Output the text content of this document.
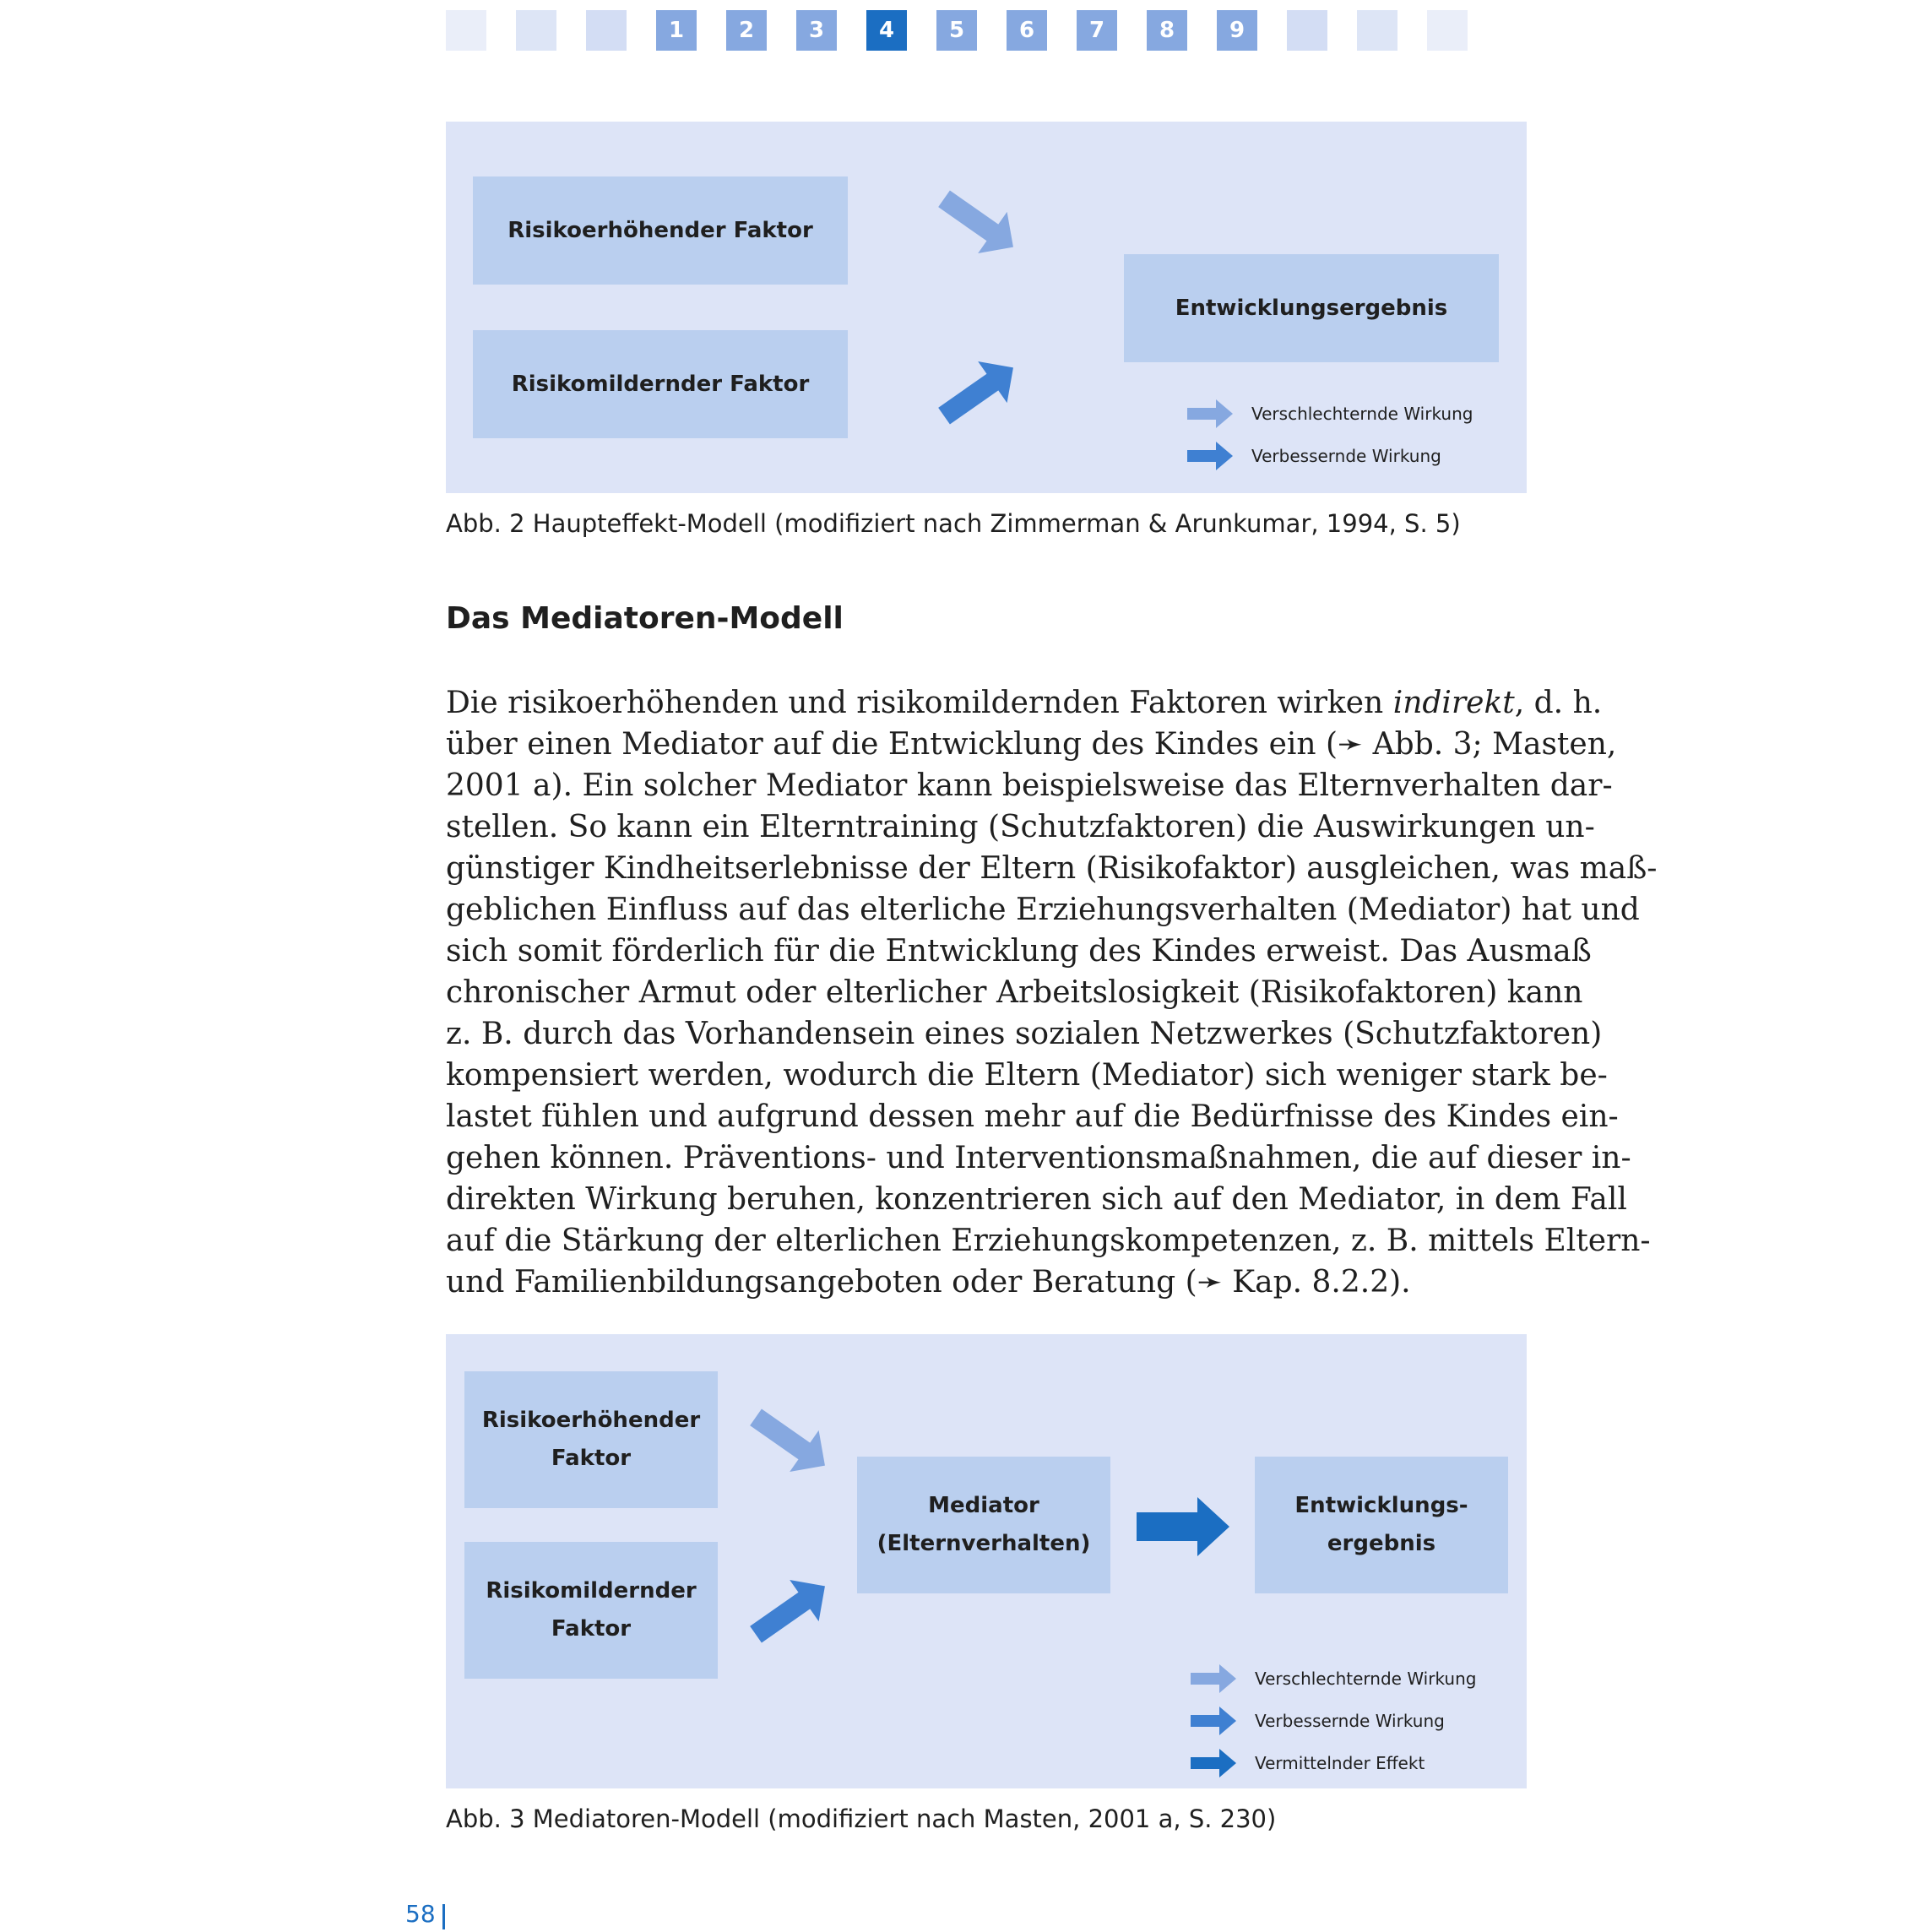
1	2	3	4	5	6	7	8	9
Risikoerhöhender Faktor
Risikomildernder Faktor
Entwicklungsergebnis
Verschlechternde Wirkung
Verbessernde Wirkung
Abb. 2 Haupteffekt-Modell (modifiziert nach Zimmerman & Arunkumar, 1994, S. 5)
Das Mediatoren-Modell
Die risikoerhöhenden und risikomildernden Faktoren wirken indirekt, d. h.
über einen Mediator auf die Entwicklung des Kindes ein (➛ Abb. 3; Masten,
2001 a). Ein solcher Mediator kann beispielsweise das Elternverhalten dar-
stellen. So kann ein Elterntraining (Schutzfaktoren) die Auswirkungen un-
günstiger Kindheitserlebnisse der Eltern (Risikofaktor) ausgleichen, was maß-
geblichen Einfluss auf das elterliche Erziehungsverhalten (Mediator) hat und
sich somit förderlich für die Entwicklung des Kindes erweist. Das Ausmaß
chronischer Armut oder elterlicher Arbeitslosigkeit (Risikofaktoren) kann
z. B. durch das Vorhandensein eines sozialen Netzwerkes (Schutzfaktoren)
kompensiert werden, wodurch die Eltern (Mediator) sich weniger stark be-
lastet fühlen und aufgrund dessen mehr auf die Bedürfnisse des Kindes ein-
gehen können. Präventions- und Interventionsmaßnahmen, die auf dieser in-
direkten Wirkung beruhen, konzentrieren sich auf den Mediator, in dem Fall
auf die Stärkung der elterlichen Erziehungskompetenzen, z. B. mittels Eltern-
und Familienbildungsangeboten oder Beratung (➛ Kap. 8.2.2).
Risikoerhöhender
Faktor
Risikomildernder
Faktor
Mediator
(Elternverhalten)
Entwicklungs-
ergebnis
Verschlechternde Wirkung
Verbessernde Wirkung
Vermittelnder Effekt
Abb. 3 Mediatoren-Modell (modifiziert nach Masten, 2001 a, S. 230)
58
